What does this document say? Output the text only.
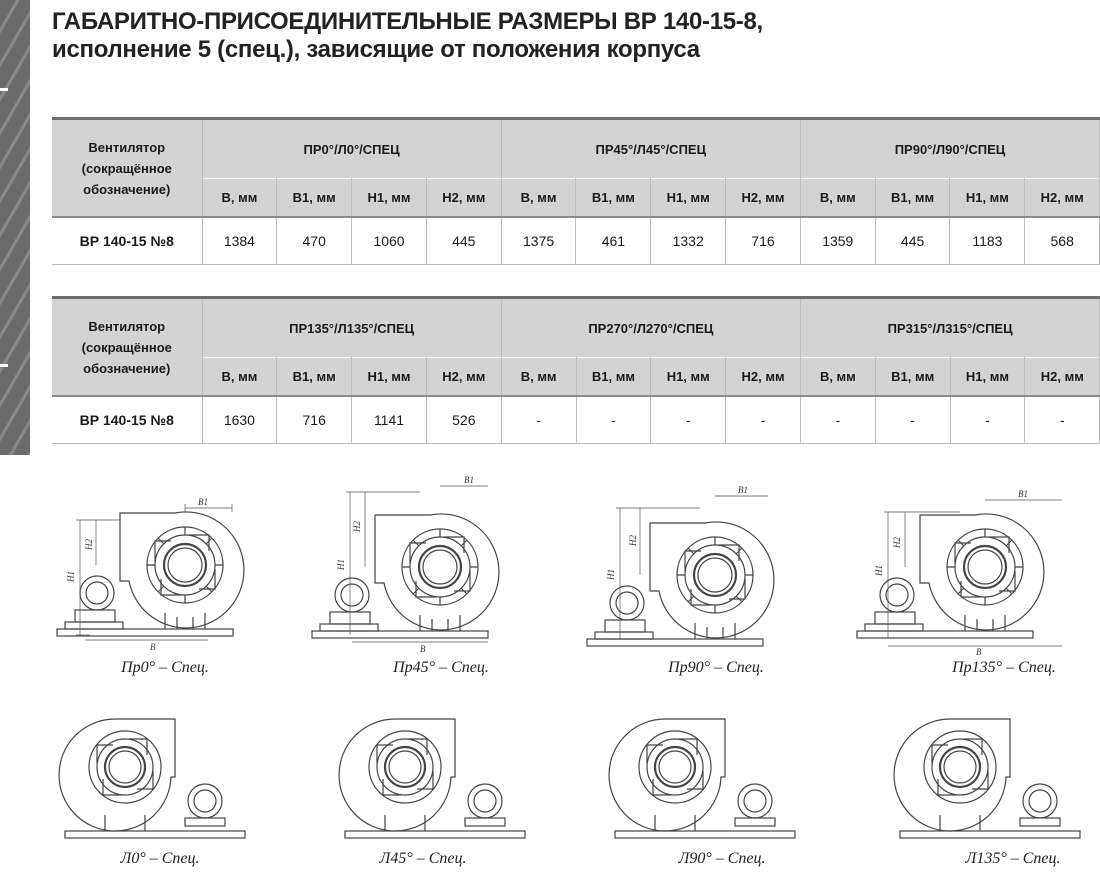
ГАБАРИТНО-ПРИСОЕДИНИТЕЛЬНЫЕ РАЗМЕРЫ ВР 140-15-8,
исполнение 5 (спец.), зависящие от положения корпуса
Вентилятор
(сокращённое
обозначение)	ПР0°/Л0°/СПЕЦ				ПР45°/Л45°/СПЕЦ				ПР90°/Л90°/СПЕЦ			
	B, мм	B1, мм	H1, мм	H2, мм	B, мм	B1, мм	H1, мм	H2, мм	B, мм	B1, мм	H1, мм	H2, мм
ВР 140-15 №8	1384	470	1060	445	1375	461	1332	716	1359	445	1183	568
Вентилятор
(сокращённое
обозначение)	ПР135°/Л135°/СПЕЦ				ПР270°/Л270°/СПЕЦ				ПР315°/Л315°/СПЕЦ			
	B, мм	B1, мм	H1, мм	H2, мм	B, мм	B1, мм	H1, мм	H2, мм	B, мм	B1, мм	H1, мм	H2, мм
ВР 140-15 №8	1630	716	1141	526	-	-	-	-	-	-	-	-
H1
H2
B1
B
H1
H2
B1
B
H1
H2
B1
H1
H2
B1
B
Пр0° – Спец.	Пр45° – Спец.	Пр90° – Спец.	Пр135° – Спец.
Л0° – Спец.	Л45° – Спец.	Л90° – Спец.	Л135° – Спец.
